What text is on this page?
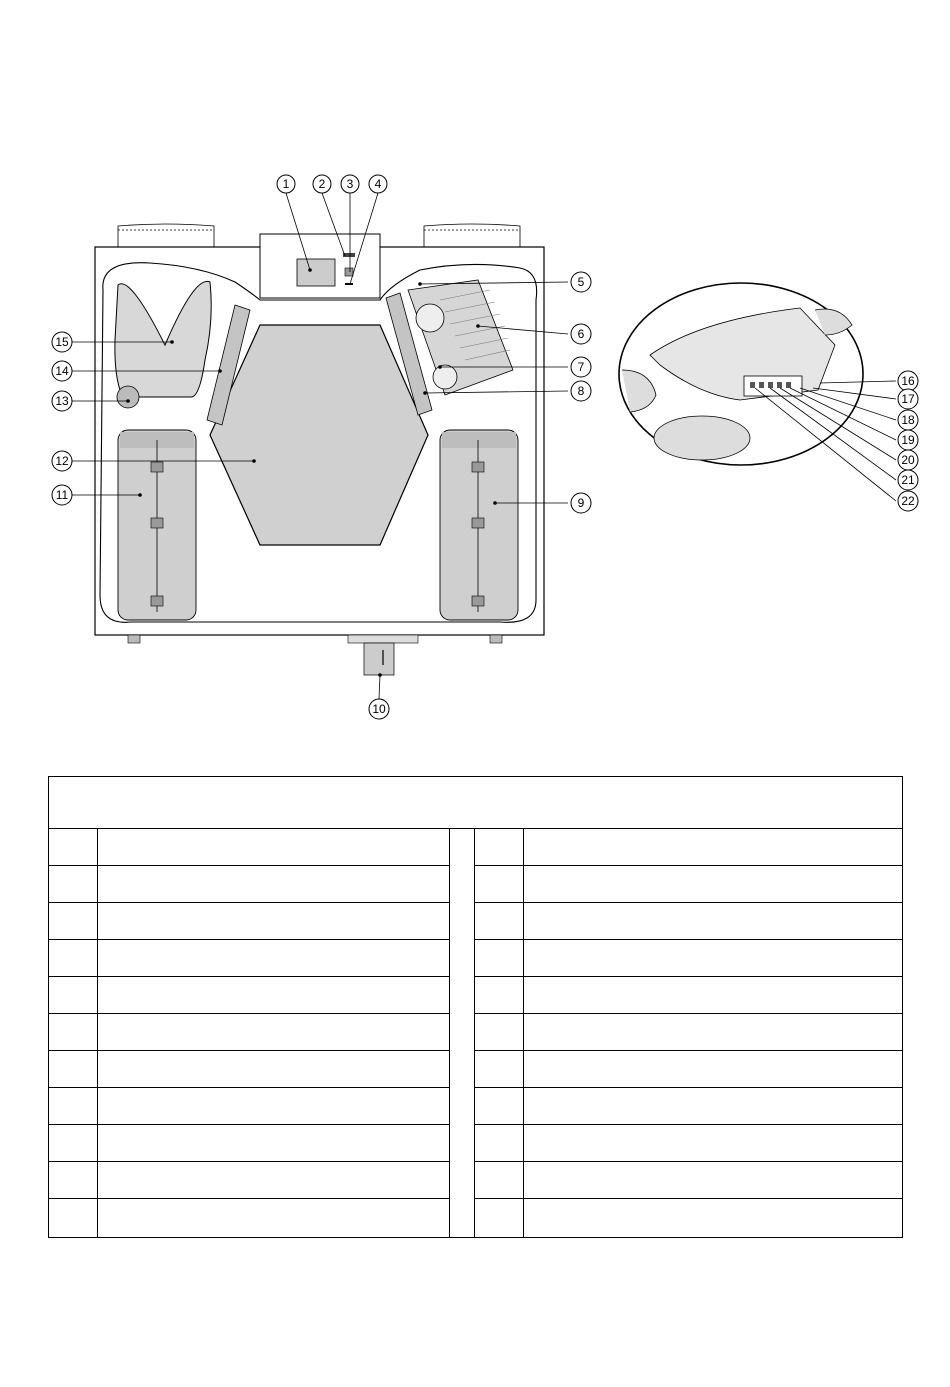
1 2 3 4
5
6
7
8
9
10
11
12
13
14
15
16
17
18
19
20
21
22
